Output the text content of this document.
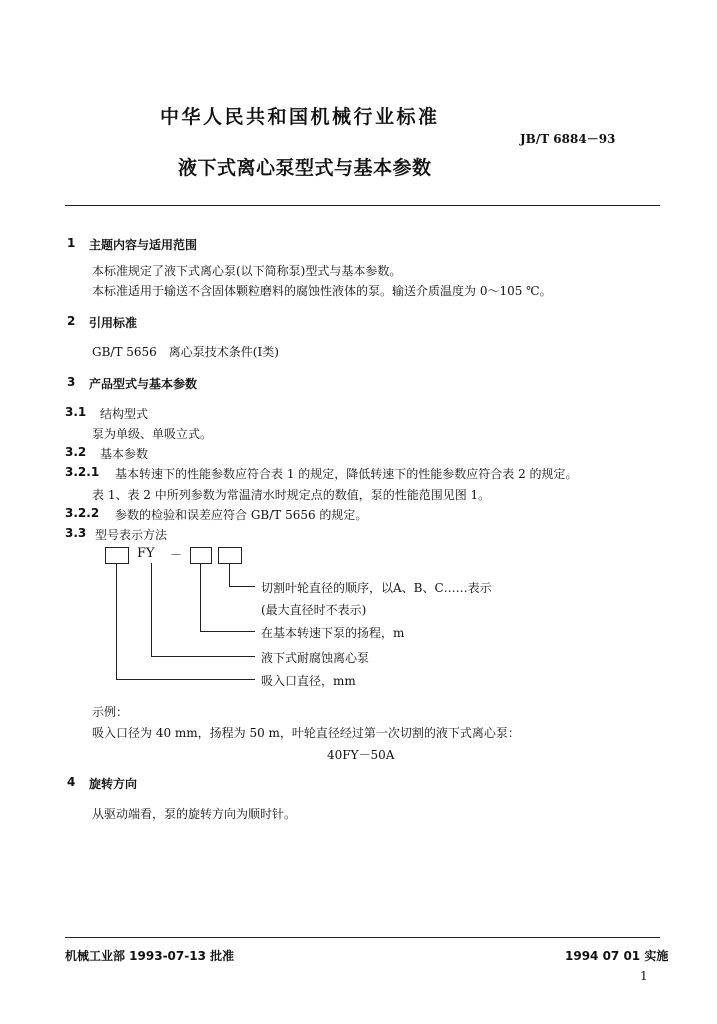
中华人民共和国机械行业标准
JB/T 6884－93
液下式离心泵型式与基本参数
1 主题内容与适用范围
本标准规定了液下式离心泵(以下简称泵)型式与基本参数。
本标准适用于输送不含固体颗粒磨料的腐蚀性液体的泵。输送介质温度为 0～105 ℃。
2 引用标准
GB/T 5656　离心泵技术条件(Ⅰ类)
3 产品型式与基本参数
3.1 结构型式
泵为单级、单吸立式。
3.2 基本参数
3.2.1 基本转速下的性能参数应符合表 1 的规定，降低转速下的性能参数应符合表 2 的规定。
表 1、表 2 中所列参数为常温清水时规定点的数值，泵的性能范围见图 1。
3.2.2 参数的检验和误差应符合 GB/T 5656 的规定。
3.3 型号表示方法
FY －
切割叶轮直径的顺序，以A、B、C……表示
(最大直径时不表示)
在基本转速下泵的扬程，m
液下式耐腐蚀离心泵
吸入口直径，mm
示例：
吸入口径为 40 mm，扬程为 50 m，叶轮直径经过第一次切割的液下式离心泵：
40FY－50A
4 旋转方向
从驱动端看，泵的旋转方向为顺时针。
机械工业部 1993-07-13 批准	1994 07 01 实施
1
